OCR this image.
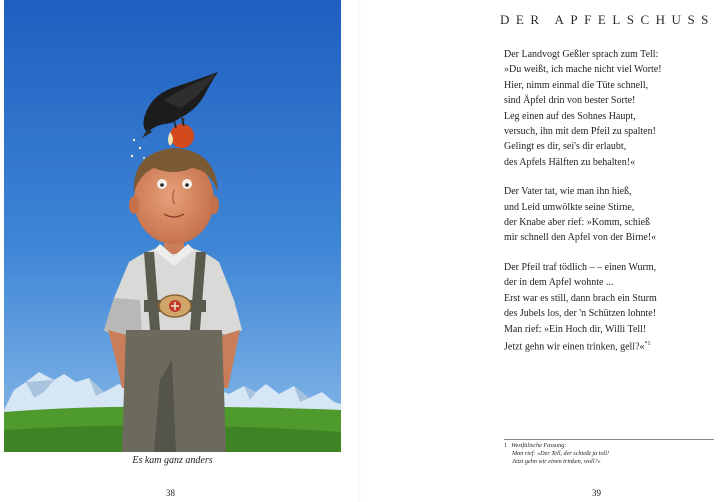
Es kam ganz anders
38
DER APFELSCHUSS
Der Landvogt Geßler sprach zum Tell:
»Du weißt, ich mache nicht viel Worte!
Hier, nimm einmal die Tüte schnell,
sind Äpfel drin von bester Sorte!
Leg einen auf des Sohnes Haupt,
versuch, ihn mit dem Pfeil zu spalten!
Gelingt es dir, sei's dir erlaubt,
des Apfels Hälften zu behalten!«
Der Vater tat, wie man ihn hieß,
und Leid umwölkte seine Stirne,
der Knabe aber rief: »Komm, schieß
mir schnell den Apfel von der Birne!«
Der Pfeil traf tödlich – – einen Wurm,
der in dem Apfel wohnte ...
Erst war es still, dann brach ein Sturm
des Jubels los, der 'n Schützen lohnte!
Man rief: »Ein Hoch dir, Willi Tell!
Jetzt gehn wir einen trinken, gell?«$^{*1}$
1 Westfälische Fassung:
Man rief: »Der Tell, der schießt ja toll!
Jetzt gehn wir einen trinken, woll?«
39
